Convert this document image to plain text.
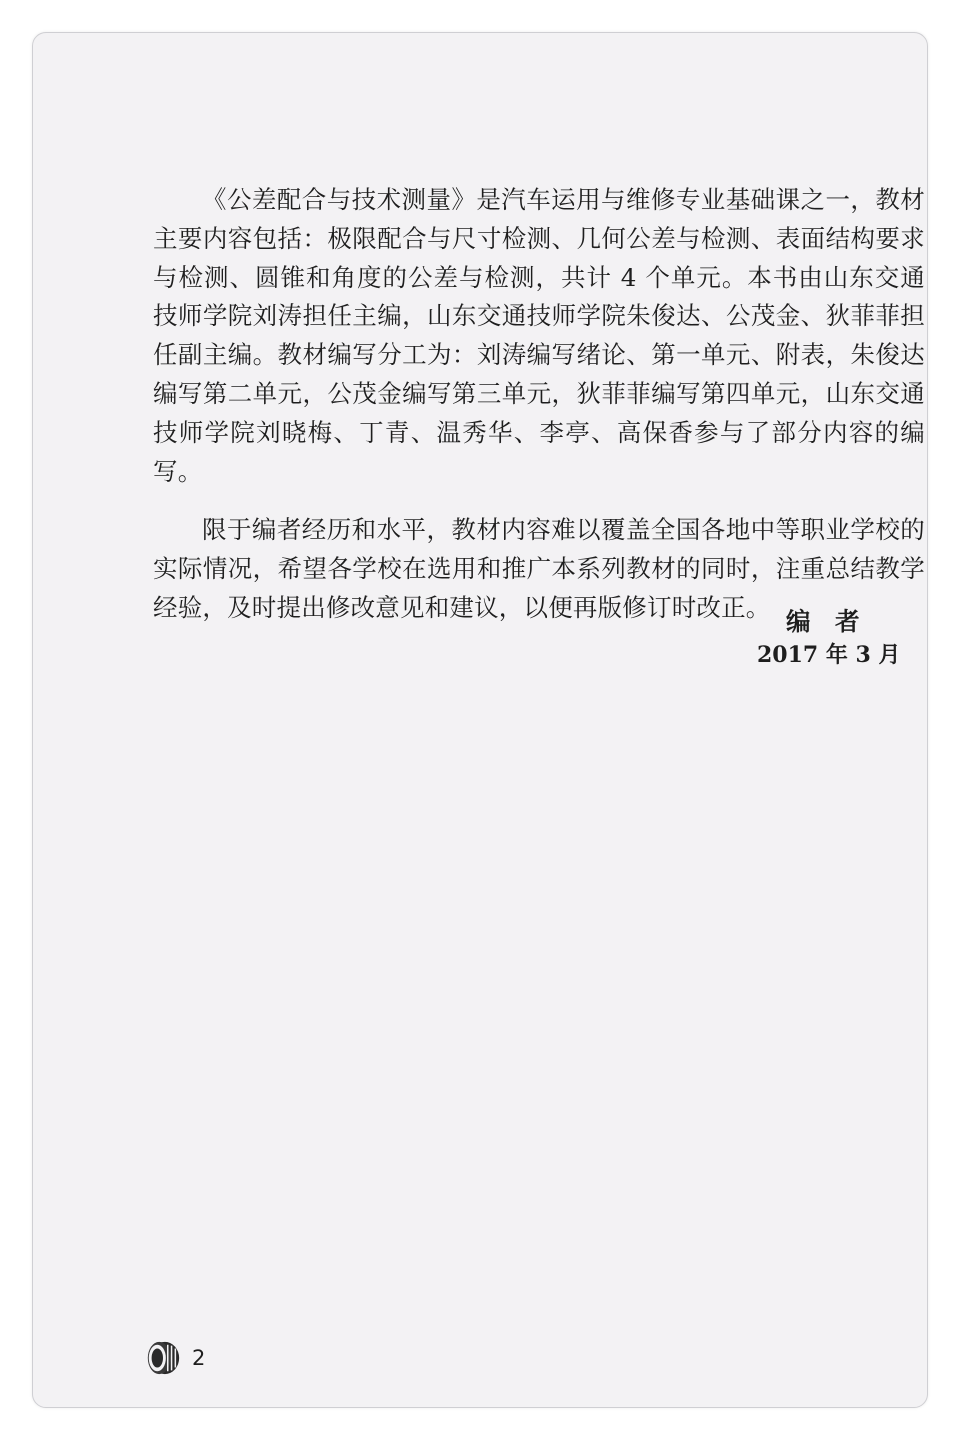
《公差配合与技术测量》是汽车运用与维修专业基础课之一，教材主要内容包括：极限配合与尺寸检测、几何公差与检测、表面结构要求与检测、圆锥和角度的公差与检测，共计 4 个单元。本书由山东交通技师学院刘涛担任主编，山东交通技师学院朱俊达、公茂金、狄菲菲担任副主编。教材编写分工为：刘涛编写绪论、第一单元、附表，朱俊达编写第二单元，公茂金编写第三单元，狄菲菲编写第四单元，山东交通技师学院刘晓梅、丁青、温秀华、李亭、高保香参与了部分内容的编写。

限于编者经历和水平，教材内容难以覆盖全国各地中等职业学校的实际情况，希望各学校在选用和推广本系列教材的同时，注重总结教学经验，及时提出修改意见和建议，以便再版修订时改正。 编 者
2017 年 3 月
2
